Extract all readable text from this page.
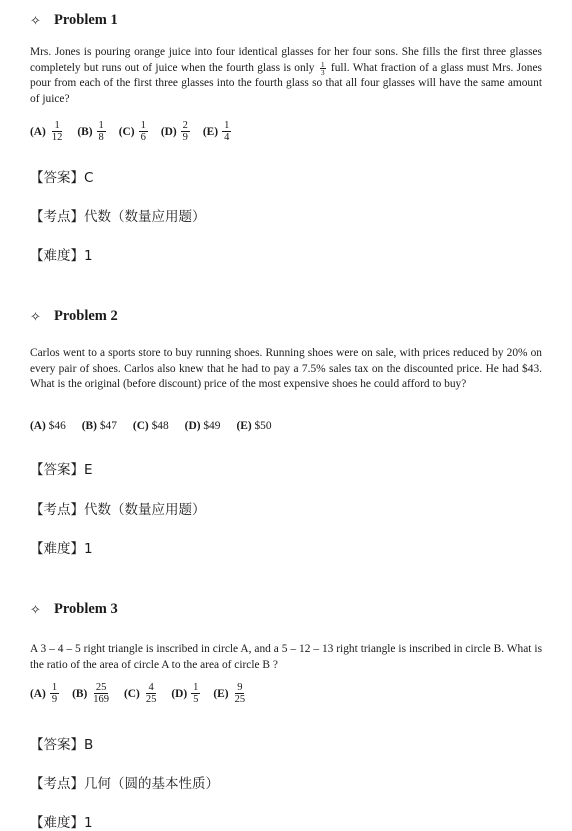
✧ Problem 1
Mrs. Jones is pouring orange juice into four identical glasses for her four sons. She fills the first three glasses completely but runs out of juice when the fourth glass is only $\frac{1}{3}$ full. What fraction of a glass must Mrs. Jones pour from each of the first three glasses into the fourth glass so that all four glasses will have the same amount of juice?
$(A) \frac{1}{12} (B) \frac{1}{8} (C) \frac{1}{6} (D) \frac{2}{9} (E) \frac{1}{4}$
【答案】C
【考点】代数（数量应用题）
【难度】1
✧ Problem 2
Carlos went to a sports store to buy running shoes. Running shoes were on sale, with prices reduced by 20% on every pair of shoes. Carlos also knew that he had to pay a 7.5% sales tax on the discounted price. He had $43. What is the original (before discount) price of the most expensive shoes he could afford to buy?
(A) $46 (B) $47 (C) $48 (D) $49 (E) $50
【答案】E
【考点】代数（数量应用题）
【难度】1
✧ Problem 3
A 3 – 4 – 5 right triangle is inscribed in circle A, and a 5 – 12 – 13 right triangle is inscribed in circle B. What is the ratio of the area of circle A to the area of circle B ?
$(A) \frac{1}{9} (B) \frac{25}{169} (C) \frac{4}{25} (D) \frac{1}{5} (E) \frac{9}{25}$
【答案】B
【考点】几何（圆的基本性质）
【难度】1
